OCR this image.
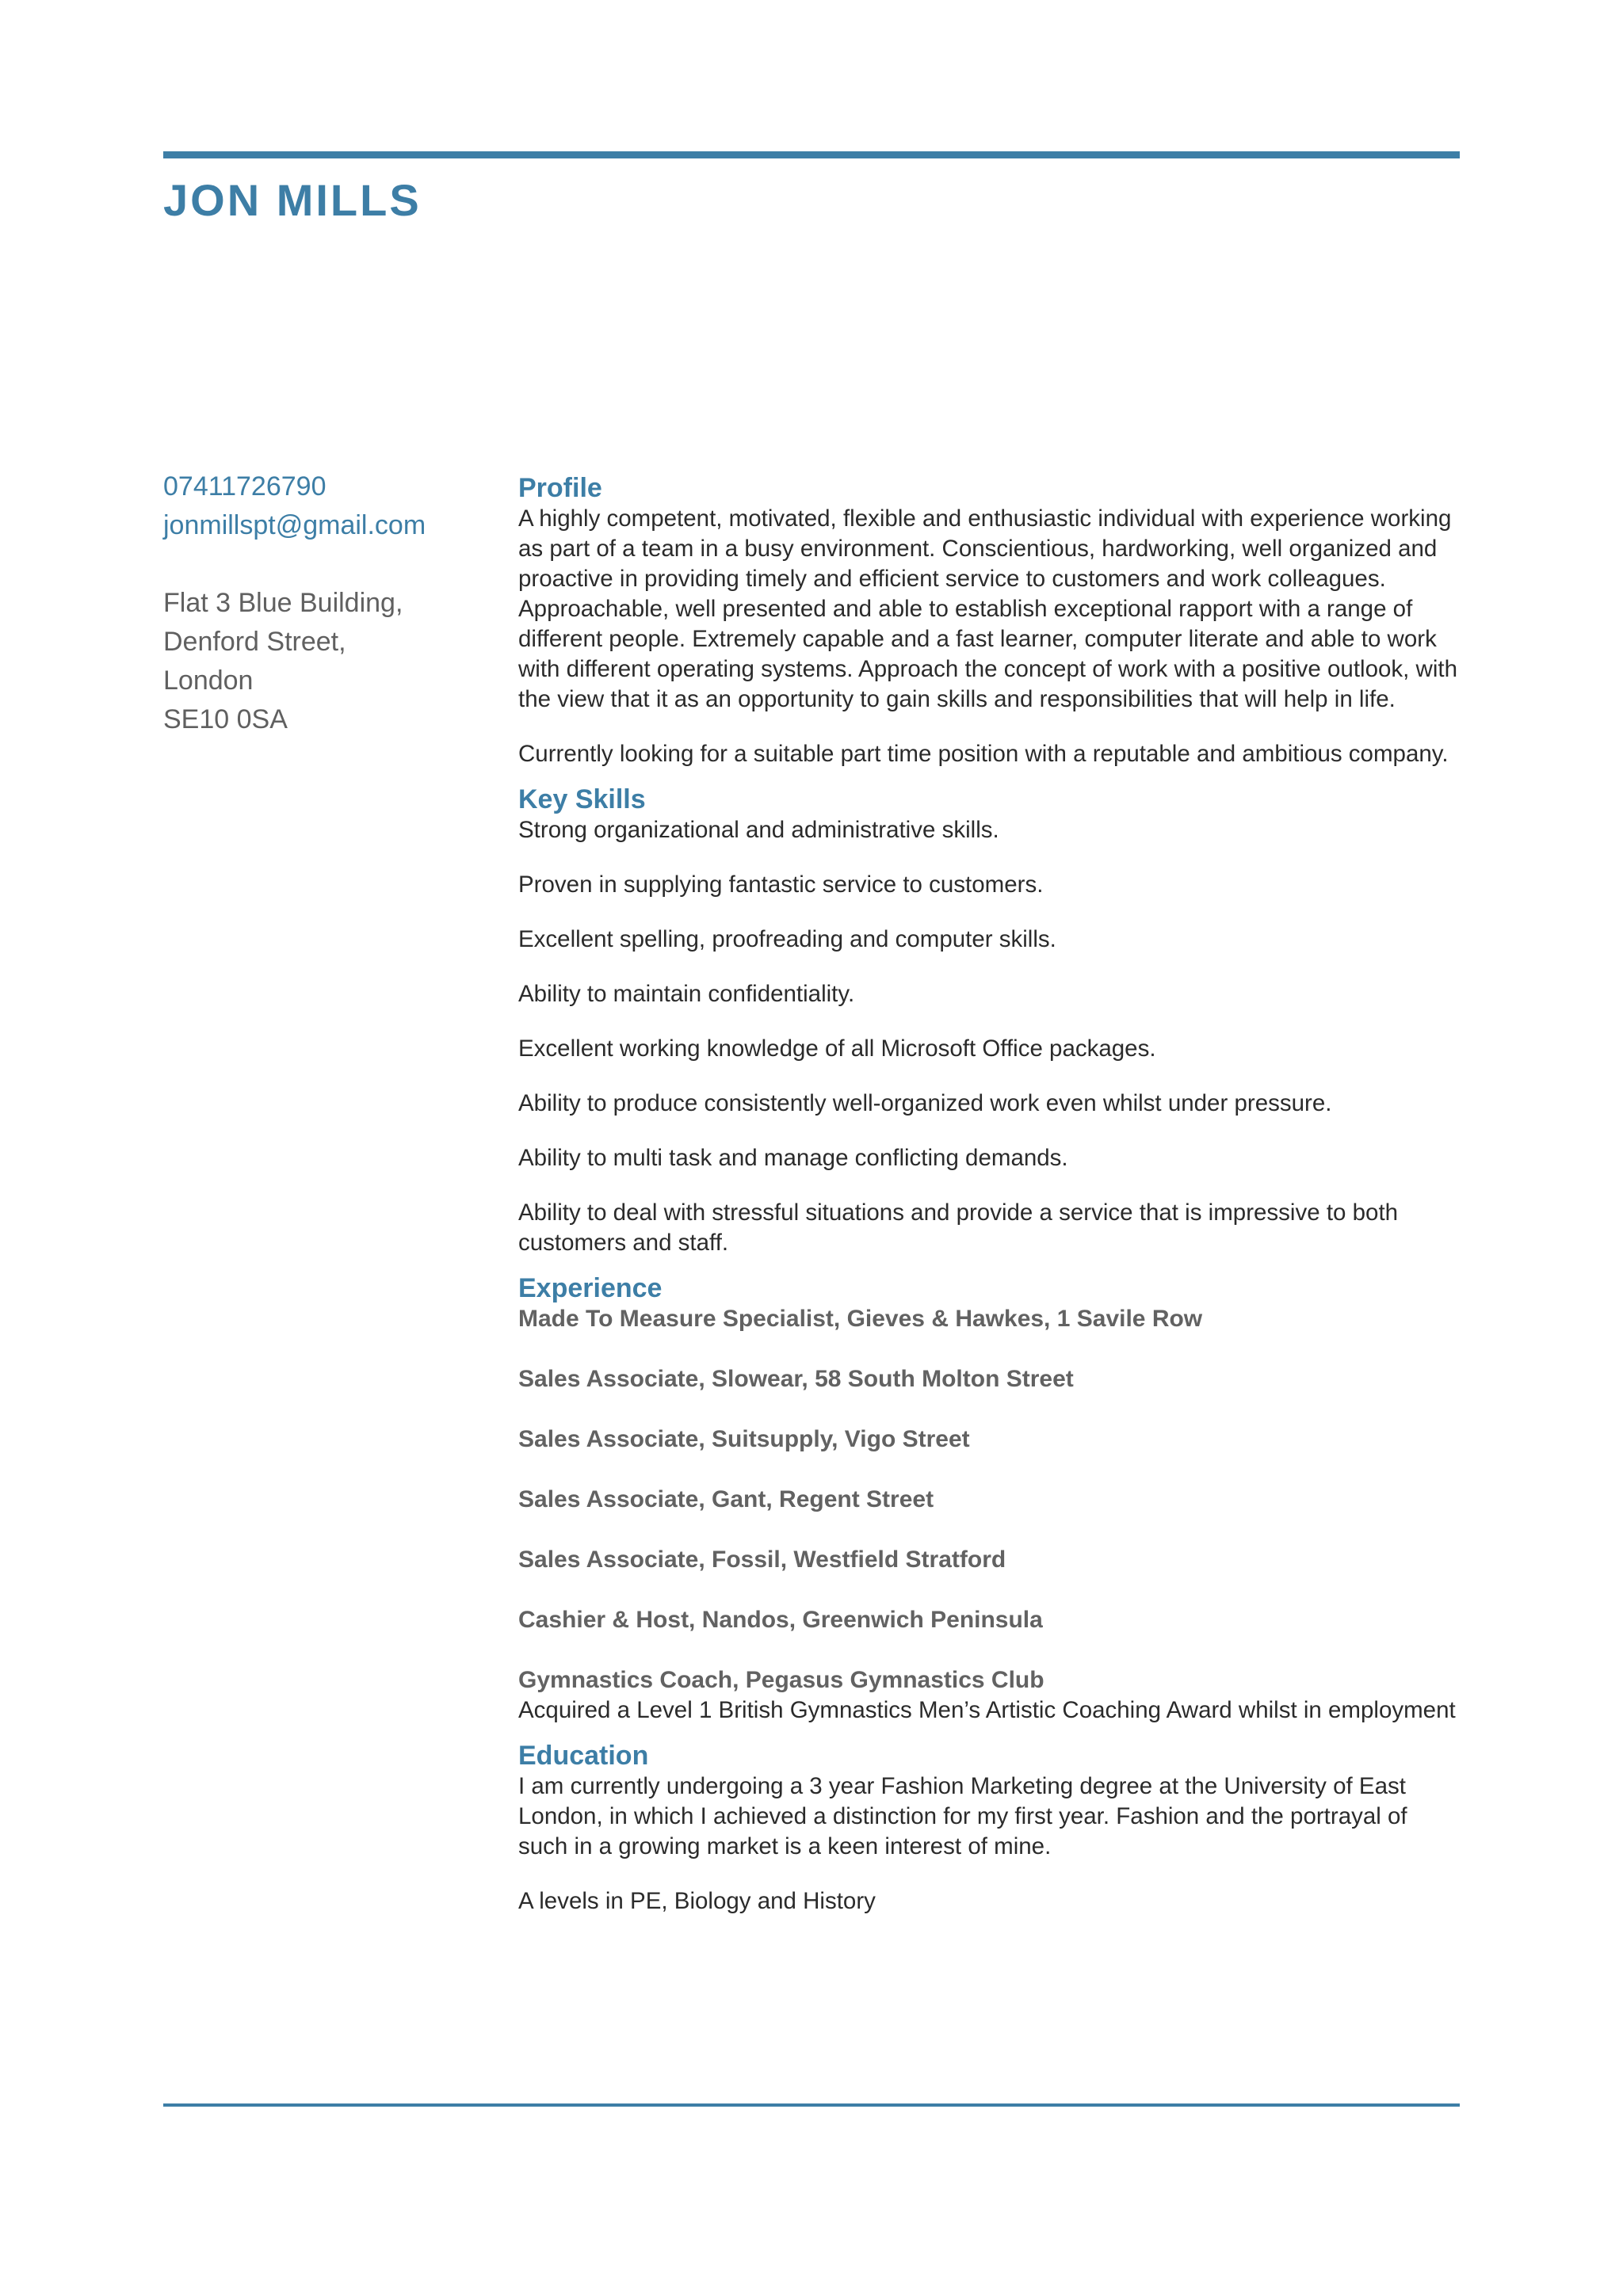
JON MILLS
07411726790
jonmillspt@gmail.com
Flat 3 Blue Building,
Denford Street,
London
SE10 0SA
Profile

A highly competent, motivated, flexible and enthusiastic individual with experience working as part of a team in a busy environment. Conscientious, hardworking, well organized and proactive in providing timely and efficient service to customers and work colleagues. Approachable, well presented and able to establish exceptional rapport with a range of different people. Extremely capable and a fast learner, computer literate and able to work with different operating systems. Approach the concept of work with a positive outlook, with the view that it as an opportunity to gain skills and responsibilities that will help in life.

Currently looking for a suitable part time position with a reputable and ambitious company.

Key Skills

Strong organizational and administrative skills.

Proven in supplying fantastic service to customers.

Excellent spelling, proofreading and computer skills.

Ability to maintain confidentiality.

Excellent working knowledge of all Microsoft Office packages.

Ability to produce consistently well-organized work even whilst under pressure.

Ability to multi task and manage conflicting demands.

Ability to deal with stressful situations and provide a service that is impressive to both customers and staff.

Experience

Made To Measure Specialist, Gieves & Hawkes, 1 Savile Row

Sales Associate, Slowear, 58 South Molton Street

Sales Associate, Suitsupply, Vigo Street

Sales Associate, Gant, Regent Street

Sales Associate, Fossil, Westfield Stratford

Cashier & Host, Nandos, Greenwich Peninsula

Gymnastics Coach, Pegasus Gymnastics Club

Acquired a Level 1 British Gymnastics Men’s Artistic Coaching Award whilst in employment

Education

I am currently undergoing a 3 year Fashion Marketing degree at the University of East London, in which I achieved a distinction for my first year. Fashion and the portrayal of such in a growing market is a keen interest of mine.

A levels in PE, Biology and History
